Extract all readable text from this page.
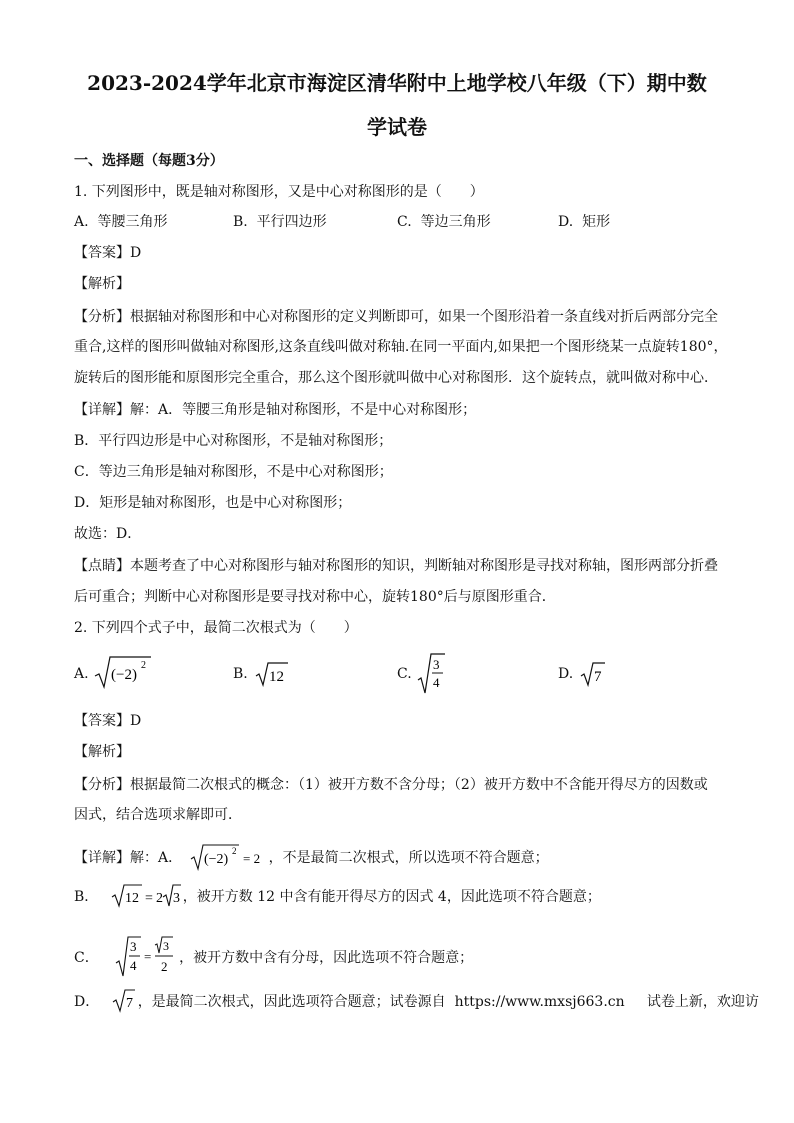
2023-2024学年北京市海淀区清华附中上地学校八年级（下）期中数
学试卷
一、选择题（每题3分）
1. 下列图形中，既是轴对称图形，又是中心对称图形的是（　　）
A. 等腰三角形	B. 平行四边形	C. 等边三角形	D. 矩形
【答案】D
【解析】
【分析】根据轴对称图形和中心对称图形的定义判断即可，如果一个图形沿着一条直线对折后两部分完全
重合,这样的图形叫做轴对称图形,这条直线叫做对称轴.在同一平面内,如果把一个图形绕某一点旋转180°，
旋转后的图形能和原图形完全重合，那么这个图形就叫做中心对称图形．这个旋转点，就叫做对称中心．
【详解】解：A．等腰三角形是轴对称图形，不是中心对称图形；
B．平行四边形是中心对称图形，不是轴对称图形；
C．等边三角形是轴对称图形，不是中心对称图形；
D．矩形是轴对称图形，也是中心对称图形；
故选：D．
【点睛】本题考查了中心对称图形与轴对称图形的知识，判断轴对称图形是寻找对称轴，图形两部分折叠
后可重合；判断中心对称图形是要寻找对称中心，旋转180°后与原图形重合．
2. 下列四个式子中，最简二次根式为（　　）
A. (−2)
2
B. 12	C.
3
4
D. 7
【答案】D
【解析】
【分析】根据最简二次根式的概念：（1）被开方数不含分母；（2）被开方数中不含能开得尽方的因数或
因式，结合选项求解即可．
【详解】解：A． (−2)
2 = 2 ，不是最简二次根式，所以选项不符合题意；
B． 12 = 2 3 ，被开方数 12 中含有能开得尽方的因式 4，因此选项不符合题意；
C．
3
4
=
3
2
，被开方数中含有分母，因此选项不符合题意；
D． 7 ，是最简二次根式，因此选项符合题意；试卷源自 https://www.mxsj663.cn 试卷上新，欢迎访
